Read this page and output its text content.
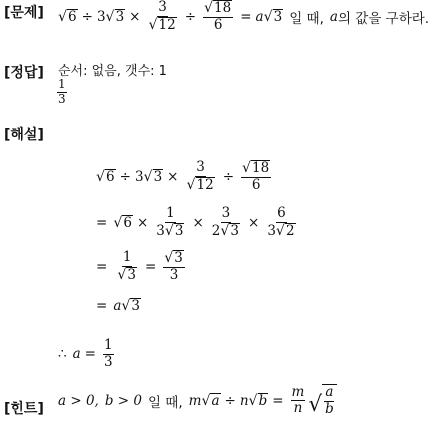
[문제] √ 6 ÷ 3 √ $3 \times \frac{3}{√ 12} \div \frac{√ 18}{6} = a$ √ 3 일 때, a 의 값을 구하라.
[정답] 순서: 없음, 갯수: 1
$\frac{1}{3}$
[해설]
√ 6 ÷ 3 √ $3 \times \frac{3}{√ 12} \div \frac{√ 18}{6}$
= √ $6 \times \frac{1}{3 √ 3} \times \frac{3}{2 √ 3} \times \frac{6}{3 √ 2}$
= $\frac{1}{√ 3} = \frac{√ 3}{3}$
= a √ 3
∴ $a = \frac{1}{3}$
[힌트]
a > 0, b > 0 일 때, m √ a ÷ n √ $b = \frac{m}{n}$ √ $\frac{a}{b}$
